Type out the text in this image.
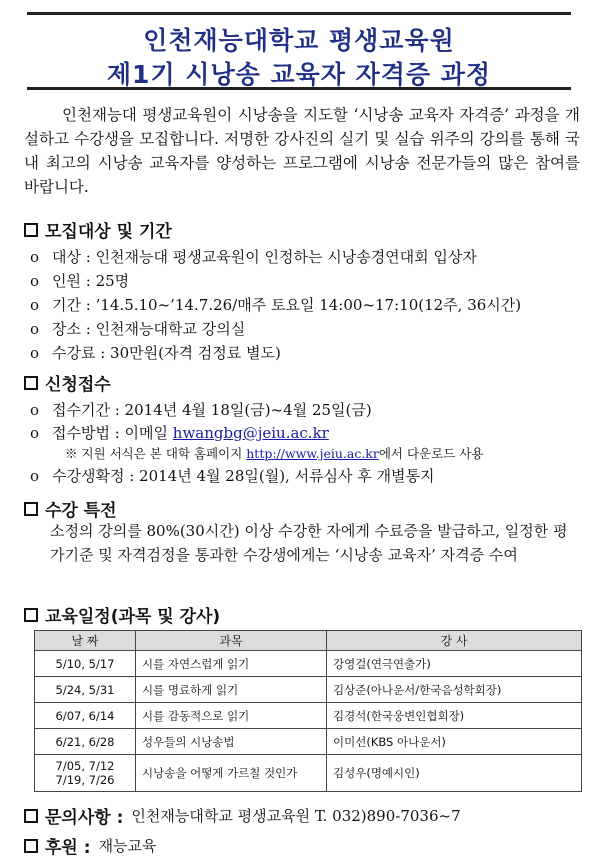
인천재능대학교 평생교육원
제1기 시낭송 교육자 자격증 과정

인천재능대 평생교육원이 시낭송을 지도할 ‘시낭송 교육자 자격증’ 과정을 개설하고 수강생을 모집합니다. 저명한 강사진의 실기 및 실습 위주의 강의를 통해 국내 최고의 시낭송 교육자를 양성하는 프로그램에 시낭송 전문가들의 많은 참여를 바랍니다.

모집대상 및 기간
o 대상 : 인천재능대 평생교육원이 인정하는 시낭송경연대회 입상자
o 인원 : 25명
o 기간 : ’14.5.10~’14.7.26/매주 토요일 14:00~17:10(12주, 36시간)
o 장소 : 인천재능대학교 강의실
o 수강료 : 30만원(자격 검정료 별도)
신청접수
o 접수기간 : 2014년 4월 18일(금)~4월 25일(금)
o 접수방법 : 이메일 hwangbg@jeiu.ac.kr
※ 지원 서식은 본 대학 홈페이지 http://www.jeiu.ac.kr에서 다운로드 사용
o 수강생확정 : 2014년 4월 28일(월), 서류심사 후 개별통지
수강 특전
소정의 강의를 80%(30시간) 이상 수강한 자에게 수료증을 발급하고, 일정한 평가기준 및 자격검정을 통과한 수강생에게는 ‘시낭송 교육자’ 자격증 수여
교육일정(과목 및 강사)
날 짜	과목	강 사
5/10, 5/17	시를 자연스럽게 읽기	강영걸(연극연출가)
5/24, 5/31	시를 명료하게 읽기	김상준(아나운서/한국음성학회장)
6/07, 6/14	시를 감동적으로 읽기	김경석(한국웅변인협회장)
6/21, 6/28	성우들의 시낭송법	이미선(KBS 아나운서)

7/05, 7/12
7/19, 7/26	시낭송을 어떻게 가르칠 것인가	김성우(명예시인)
문의사항 : 인천재능대학교 평생교육원 T. 032)890-7036~7
후원 : 재능교육
